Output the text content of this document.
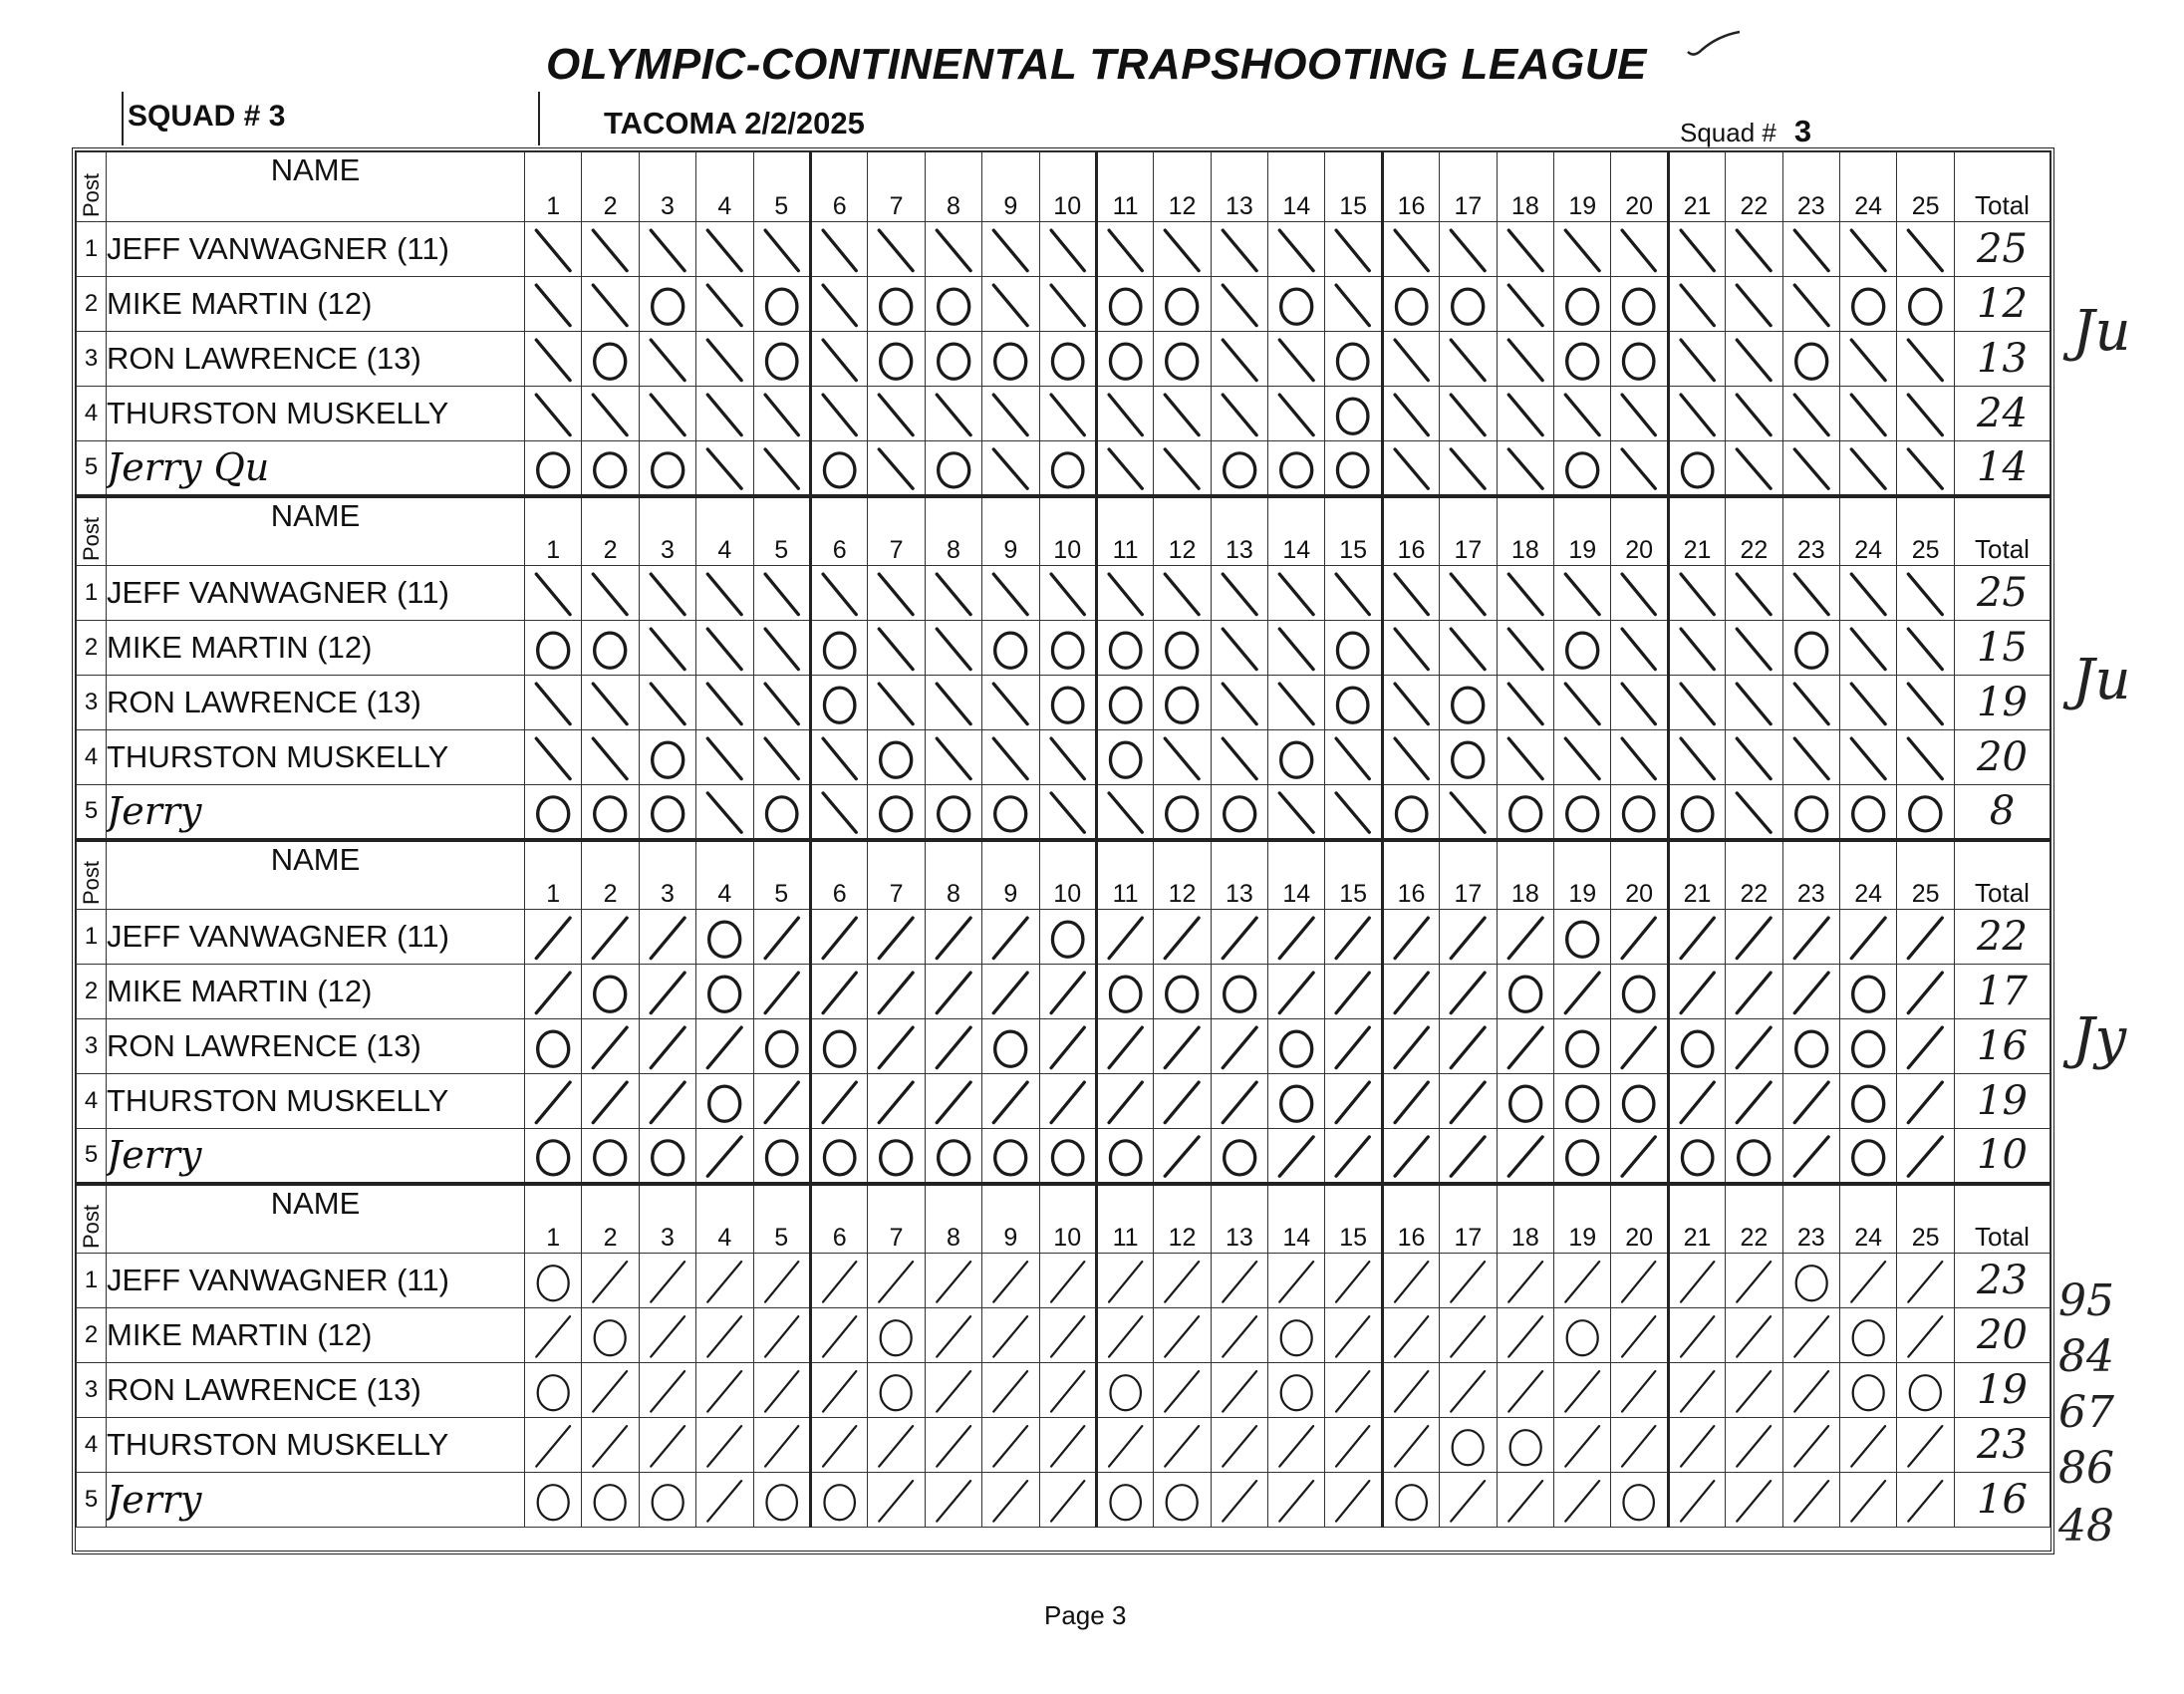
OLYMPIC-CONTINENTAL TRAPSHOOTING LEAGUE
SQUAD # 3	TACOMA 2/2/2025	Squad # 3
Post	NAME	1	2	3	4	5	6	7	8	9	10	11	12	13	14	15	16	17	18	19	20	21	22	23	24	25	Total
1	JEFF VANWAGNER (11)																										25
2	MIKE MARTIN (12)																										12
3	RON LAWRENCE (13)																										13
4	THURSTON MUSKELLY																										24
5	Jerry Qu																										14

Post	NAME	1	2	3	4	5	6	7	8	9	10	11	12	13	14	15	16	17	18	19	20	21	22	23	24	25	Total
1	JEFF VANWAGNER (11)																										25
2	MIKE MARTIN (12)																										15
3	RON LAWRENCE (13)																										19
4	THURSTON MUSKELLY																										20
5	Jerry																										8

Post	NAME	1	2	3	4	5	6	7	8	9	10	11	12	13	14	15	16	17	18	19	20	21	22	23	24	25	Total
1	JEFF VANWAGNER (11)																										22
2	MIKE MARTIN (12)																										17
3	RON LAWRENCE (13)																										16
4	THURSTON MUSKELLY																										19
5	Jerry																										10

Post	NAME	1	2	3	4	5	6	7	8	9	10	11	12	13	14	15	16	17	18	19	20	21	22	23	24	25	Total
1	JEFF VANWAGNER (11)																										23
2	MIKE MARTIN (12)																										20
3	RON LAWRENCE (13)																										19
4	THURSTON MUSKELLY																										23
5	Jerry																										16
Ju
Ju
Jy
95
84
67
86
48
Page 3
